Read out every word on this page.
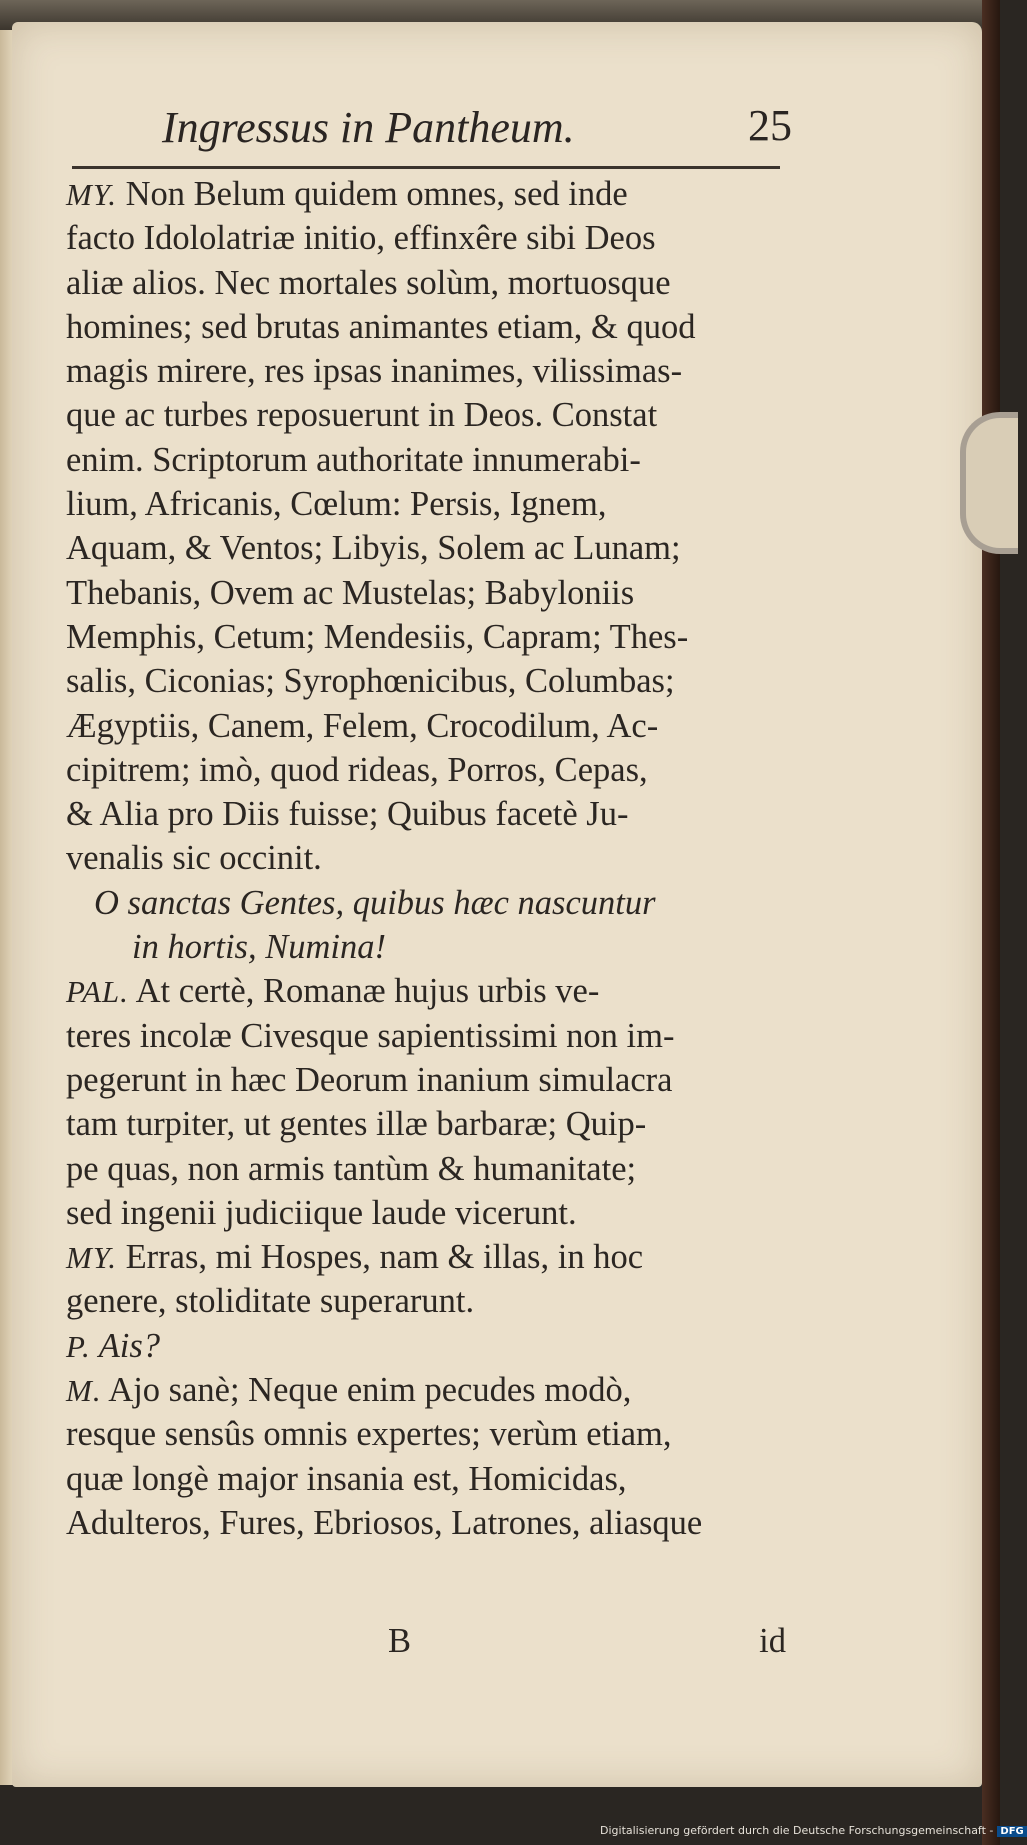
Ingressus in Pantheum.	25
MY. Non Belum quidem omnes, sed inde
facto Idololatriæ initio, effinxêre sibi Deos
aliæ alios. Nec mortales solùm, mortuosque
homines; sed brutas animantes etiam, & quod
magis mirere, res ipsas inanimes, vilissimas-
que ac turbes reposuerunt in Deos. Constat
enim. Scriptorum authoritate innumerabi-
lium, Africanis, Cœlum: Persis, Ignem,
Aquam, & Ventos; Libyis, Solem ac Lunam;
Thebanis, Ovem ac Mustelas; Babyloniis
Memphis, Cetum; Mendesiis, Capram; Thes-
salis, Ciconias; Syrophœnicibus, Columbas;
Ægyptiis, Canem, Felem, Crocodilum, Ac-
cipitrem; imò, quod rideas, Porros, Cepas,
& Alia pro Diis fuisse; Quibus facetè Ju-
venalis sic occinit.
O sanctas Gentes, quibus hæc nascuntur
in hortis, Numina!
PAL. At certè, Romanæ hujus urbis ve-
teres incolæ Civesque sapientissimi non im-
pegerunt in hæc Deorum inanium simulacra
tam turpiter, ut gentes illæ barbaræ; Quip-
pe quas, non armis tantùm & humanitate;
sed ingenii judiciique laude vicerunt.
MY. Erras, mi Hospes, nam & illas, in hoc
genere, stoliditate superarunt.
P. Ais?
M. Ajo sanè; Neque enim pecudes modò,
resque sensûs omnis expertes; verùm etiam,
quæ longè major insania est, Homicidas,
Adulteros, Fures, Ebriosos, Latrones, aliasque
B	id
Digitalisierung gefördert durch die Deutsche Forschungsgemeinschaft - DFG
